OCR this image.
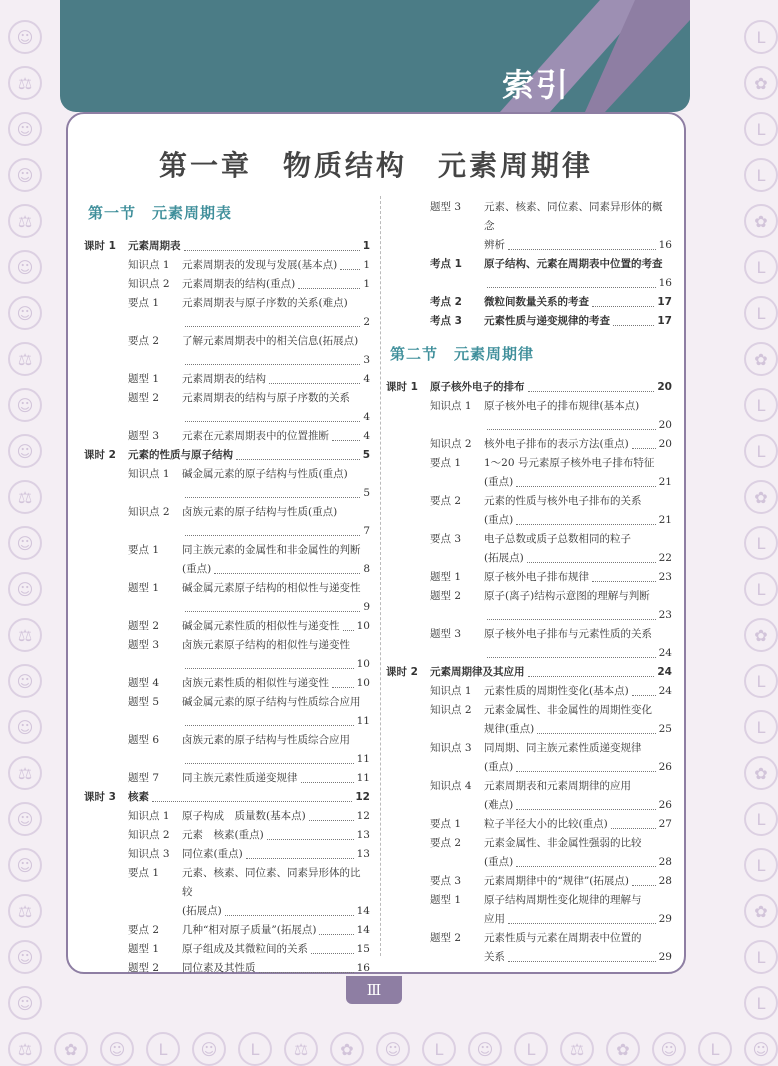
☺	L
⚖	✿
☺	L
☺	L
⚖	✿
☺	L
☺	L
⚖	✿
☺	L
☺	L
⚖	✿
☺	L
☺	L
⚖	✿
☺	L
☺	L
⚖	✿
☺	L
☺	L
⚖	✿
☺	L
☺	L
⚖	✿	☺	L	☺	L	⚖	✿	☺	L	☺	L	⚖	✿	☺	L	☺
索引
第一章　物质结构　元素周期律
第一节　元素周期表
课时 1	元素周期表	1
知识点 1	元素周期表的发现与发展(基本点) 1
知识点 2	元素周期表的结构(重点)	1
要点 1	元素周期表与原子序数的关系(难点)
2
要点 2	了解元素周期表中的相关信息(拓展点)
3
题型 1	元素周期表的结构	4
题型 2	元素周期表的结构与原子序数的关系
4
题型 3	元素在元素周期表中的位置推断	4
课时 2	元素的性质与原子结构	5
知识点 1	碱金属元素的原子结构与性质(重点)
5
知识点 2	卤族元素的原子结构与性质(重点)
7
要点 1	同主族元素的金属性和非金属性的判断
(重点)	8
题型 1	碱金属元素原子结构的相似性与递变性
9
题型 2	碱金属元素性质的相似性与递变性 10
题型 3	卤族元素原子结构的相似性与递变性
10
题型 4	卤族元素性质的相似性与递变性	10
题型 5	碱金属元素的原子结构与性质综合应用
11
题型 6	卤族元素的原子结构与性质综合应用
11
题型 7	同主族元素性质递变规律	11
课时 3	核素	12
知识点 1	原子构成　质量数(基本点)	12
知识点 2	元素　核素(重点)	13
知识点 3	同位素(重点)	13
要点 1	元素、核素、同位素、同素异形体的比较
(拓展点)	14
要点 2	几种“相对原子质量”(拓展点)	14
题型 1	原子组成及其微粒间的关系	15
题型 2	同位素及其性质	16
题型 3	元素、核素、同位素、同素异形体的概念
辨析	16
考点 1	原子结构、元素在周期表中位置的考查
16
考点 2	微粒间数量关系的考查	17
考点 3	元素性质与递变规律的考查	17
第二节　元素周期律
课时 1	原子核外电子的排布	20
知识点 1	原子核外电子的排布规律(基本点)
20
知识点 2	核外电子排布的表示方法(重点)	20
要点 1	1～20 号元素原子核外电子排布特征
(重点)	21
要点 2	元素的性质与核外电子排布的关系
(重点)	21
要点 3	电子总数或质子总数相同的粒子
(拓展点)	22
题型 1	原子核外电子排布规律	23
题型 2	原子(离子)结构示意图的理解与判断
23
题型 3	原子核外电子排布与元素性质的关系
24
课时 2	元素周期律及其应用	24
知识点 1	元素性质的周期性变化(基本点)	24
知识点 2	元素金属性、非金属性的周期性变化
规律(重点)	25
知识点 3	同周期、同主族元素性质递变规律
(重点)	26
知识点 4	元素周期表和元素周期律的应用
(难点)	26
要点 1	粒子半径大小的比较(重点)	27
要点 2	元素金属性、非金属性强弱的比较
(重点)	28
要点 3	元素周期律中的“规律”(拓展点)	28
题型 1	原子结构周期性变化规律的理解与
应用	29
题型 2	元素性质与元素在周期表中位置的
关系	29
Ⅲ
